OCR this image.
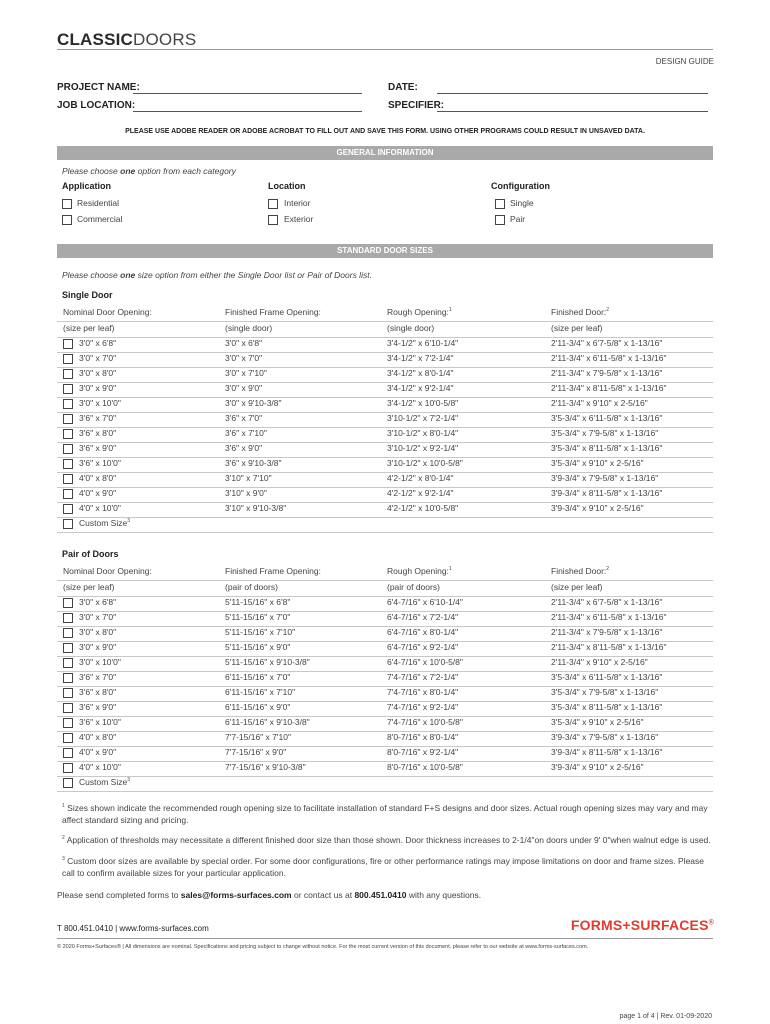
CLASSICDOORS
DESIGN GUIDE
PROJECT NAME:	DATE:
JOB LOCATION:	SPECIFIER:
PLEASE USE ADOBE READER OR ADOBE ACROBAT TO FILL OUT AND SAVE THIS FORM. USING OTHER PROGRAMS COULD RESULT IN UNSAVED DATA.
GENERAL INFORMATION
Please choose one option from each category
Application
Residential
Commercial
Location
Interior
Exterior
Configuration
Single
Pair
STANDARD DOOR SIZES
Please choose one size option from either the Single Door list or Pair of Doors list.
Single Door
Nominal Door Opening:	Finished Frame Opening:	Rough Opening:$^1$	Finished Door:$^2$
(size per leaf)	(single door)	(single door)	(size per leaf)
3'0" x 6'8"	3'0" x 6'8"	3'4-1/2" x 6'10-1/4"	2'11-3/4" x 6'7-5/8" x 1-13/16"
3'0" x 7'0"	3'0" x 7'0"	3'4-1/2" x 7'2-1/4"	2'11-3/4" x 6'11-5/8" x 1-13/16"
3'0" x 8'0"	3'0" x 7'10"	3'4-1/2" x 8'0-1/4"	2'11-3/4" x 7'9-5/8" x 1-13/16"
3'0" x 9'0"	3'0" x 9'0"	3'4-1/2" x 9'2-1/4"	2'11-3/4" x 8'11-5/8" x 1-13/16"
3'0" x 10'0"	3'0" x 9'10-3/8"	3'4-1/2" x 10'0-5/8"	2'11-3/4" x 9'10" x 2-5/16"
3'6" x 7'0"	3'6" x 7'0"	3'10-1/2" x 7'2-1/4"	3'5-3/4" x 6'11-5/8" x 1-13/16"
3'6" x 8'0"	3'6" x 7'10"	3'10-1/2" x 8'0-1/4"	3'5-3/4" x 7'9-5/8" x 1-13/16"
3'6" x 9'0"	3'6" x 9'0"	3'10-1/2" x 9'2-1/4"	3'5-3/4" x 8'11-5/8" x 1-13/16"
3'6" x 10'0"	3'6" x 9'10-3/8"	3'10-1/2" x 10'0-5/8"	3'5-3/4" x 9'10" x 2-5/16"
4'0" x 8'0"	3'10" x 7'10"	4'2-1/2" x 8'0-1/4"	3'9-3/4" x 7'9-5/8" x 1-13/16"
4'0" x 9'0"	3'10" x 9'0"	4'2-1/2" x 9'2-1/4"	3'9-3/4" x 8'11-5/8" x 1-13/16"
4'0" x 10'0"	3'10" x 9'10-3/8"	4'2-1/2" x 10'0-5/8"	3'9-3/4" x 9'10" x 2-5/16"
Custom Size$^3$
Pair of Doors
Nominal Door Opening:	Finished Frame Opening:	Rough Opening:$^1$	Finished Door:$^2$
(size per leaf)	(pair of doors)	(pair of doors)	(size per leaf)
3'0" x 6'8"	5'11-15/16" x 6'8"	6'4-7/16" x 6'10-1/4"	2'11-3/4" x 6'7-5/8" x 1-13/16"
3'0" x 7'0"	5'11-15/16" x 7'0"	6'4-7/16" x 7'2-1/4"	2'11-3/4" x 6'11-5/8" x 1-13/16"
3'0" x 8'0"	5'11-15/16" x 7'10"	6'4-7/16" x 8'0-1/4"	2'11-3/4" x 7'9-5/8" x 1-13/16"
3'0" x 9'0"	5'11-15/16" x 9'0"	6'4-7/16" x 9'2-1/4"	2'11-3/4" x 8'11-5/8" x 1-13/16"
3'0" x 10'0"	5'11-15/16" x 9'10-3/8"	6'4-7/16" x 10'0-5/8"	2'11-3/4" x 9'10" x 2-5/16"
3'6" x 7'0"	6'11-15/16" x 7'0"	7'4-7/16" x 7'2-1/4"	3'5-3/4" x 6'11-5/8" x 1-13/16"
3'6" x 8'0"	6'11-15/16" x 7'10"	7'4-7/16" x 8'0-1/4"	3'5-3/4" x 7'9-5/8" x 1-13/16"
3'6" x 9'0"	6'11-15/16" x 9'0"	7'4-7/16" x 9'2-1/4"	3'5-3/4" x 8'11-5/8" x 1-13/16"
3'6" x 10'0"	6'11-15/16" x 9'10-3/8"	7'4-7/16" x 10'0-5/8"	3'5-3/4" x 9'10" x 2-5/16"
4'0" x 8'0"	7'7-15/16" x 7'10"	8'0-7/16" x 8'0-1/4"	3'9-3/4" x 7'9-5/8" x 1-13/16"
4'0" x 9'0"	7'7-15/16" x 9'0"	8'0-7/16" x 9'2-1/4"	3'9-3/4" x 8'11-5/8" x 1-13/16"
4'0" x 10'0"	7'7-15/16" x 9'10-3/8"	8'0-7/16" x 10'0-5/8"	3'9-3/4" x 9'10" x 2-5/16"
Custom Size$^3$
$^1$ Sizes shown indicate the recommended rough opening size to facilitate installation of standard F+S designs and door sizes. Actual rough opening sizes may vary and may affect standard sizing and pricing.
$^2$ Application of thresholds may necessitate a different finished door size than those shown. Door thickness increases to 2-1/4"on doors under 9' 0"when walnut edge is used.
$^3$ Custom door sizes are available by special order. For some door configurations, fire or other performance ratings may impose limitations on door and frame sizes. Please call to confirm available sizes for your particular application.
Please send completed forms to sales@forms-surfaces.com or contact us at 800.451.0410 with any questions.
T 800.451.0410 | www.forms-surfaces.com	FORMS+SURFACES®
© 2020 Forms+Surfaces® | All dimensions are nominal. Specifications and pricing subject to change without notice. For the most current version of this document, please refer to our website at www.forms-surfaces.com.
page 1 of 4 | Rev. 01-09-2020
